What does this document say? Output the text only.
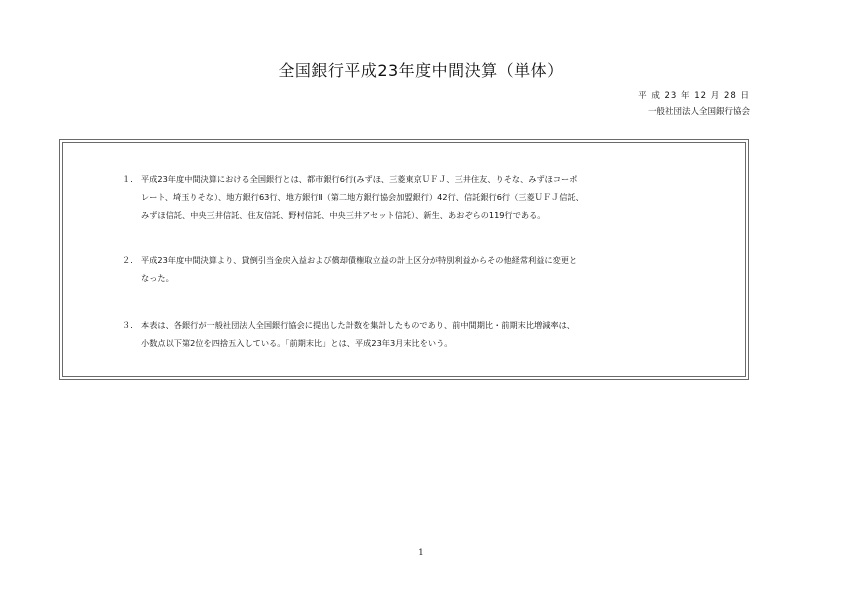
全国銀行平成23年度中間決算（単体）
平 成 23 年 12 月 28 日
一般社団法人全国銀行協会
１.	平成23年度中間決算における全国銀行とは、都市銀行6行(みずほ、三菱東京ＵＦＪ、三井住友、りそな、みずほコーポ
レート、埼玉りそな）、地方銀行63行、地方銀行Ⅱ（第二地方銀行協会加盟銀行）42行、信託銀行6行（三菱ＵＦＪ信託、
みずほ信託、中央三井信託、住友信託、野村信託、中央三井アセット信託）、新生、あおぞらの119行である。
２.	平成23年度中間決算より、貸倒引当金戻入益および償却債権取立益の計上区分が特別利益からその他経常利益に変更と
なった。
３.	本表は、各銀行が一般社団法人全国銀行協会に提出した計数を集計したものであり、前中間期比・前期末比増減率は、
小数点以下第2位を四捨五入している。「前期末比」とは、平成23年3月末比をいう。
1
